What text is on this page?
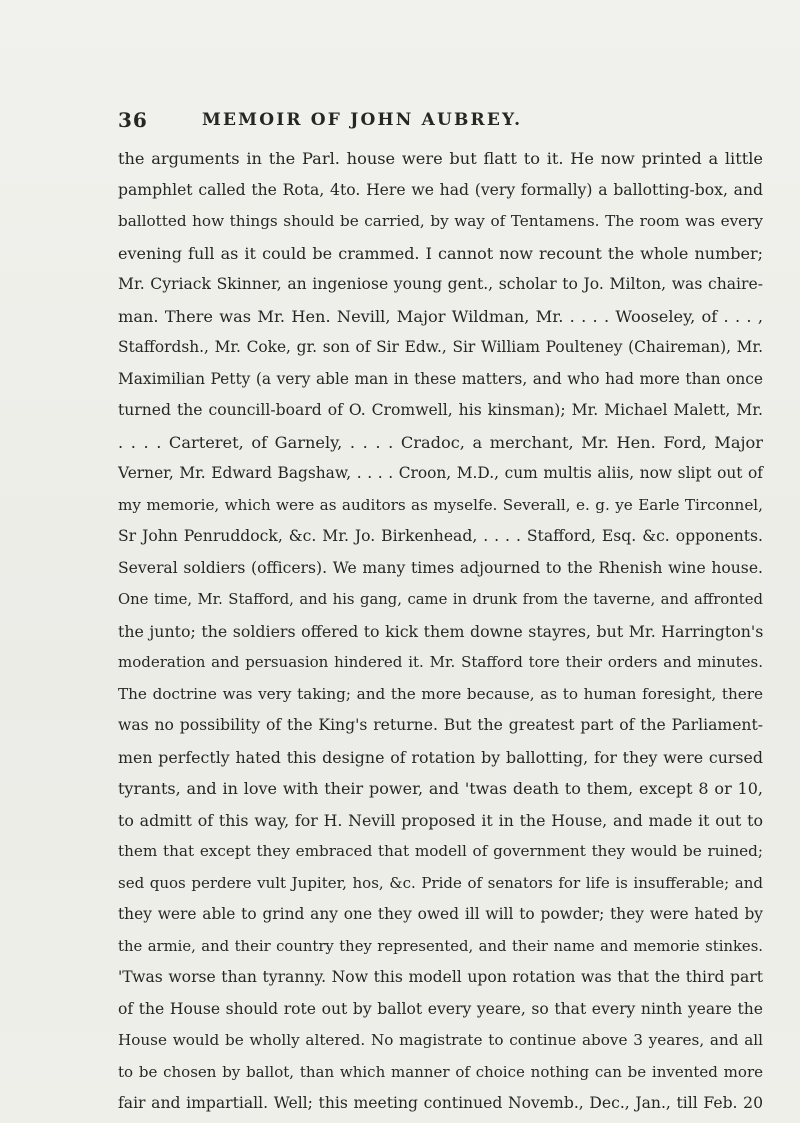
36	MEMOIR OF JOHN AUBREY.
the arguments in the Parl. house were but flatt to it. He now printed a little
pamphlet called the Rota, 4to. Here we had (very formally) a ballotting-box, and
ballotted how things should be carried, by way of Tentamens. The room was every
evening full as it could be crammed. I cannot now recount the whole number;
Mr. Cyriack Skinner, an ingeniose young gent., scholar to Jo. Milton, was chaire-
man. There was Mr. Hen. Nevill, Major Wildman, Mr. . . . . Wooseley, of . . . ,
Staffordsh., Mr. Coke, gr. son of Sir Edw., Sir William Poulteney (Chaireman), Mr.
Maximilian Petty (a very able man in these matters, and who had more than once
turned the councill-board of O. Cromwell, his kinsman); Mr. Michael Malett, Mr.
. . . . Carteret, of Garnely, . . . . Cradoc, a merchant, Mr. Hen. Ford, Major
Verner, Mr. Edward Bagshaw, . . . . Croon, M.D., cum multis aliis, now slipt out of
my memorie, which were as auditors as myselfe. Severall, e. g. ye Earle Tirconnel,
Sr John Penruddock, &c. Mr. Jo. Birkenhead, . . . . Stafford, Esq. &c. opponents.
Several soldiers (officers). We many times adjourned to the Rhenish wine house.
One time, Mr. Stafford, and his gang, came in drunk from the taverne, and affronted
the junto; the soldiers offered to kick them downe stayres, but Mr. Harrington's
moderation and persuasion hindered it. Mr. Stafford tore their orders and minutes.
The doctrine was very taking; and the more because, as to human foresight, there
was no possibility of the King's returne. But the greatest part of the Parliament-
men perfectly hated this designe of rotation by ballotting, for they were cursed
tyrants, and in love with their power, and 'twas death to them, except 8 or 10,
to admitt of this way, for H. Nevill proposed it in the House, and made it out to
them that except they embraced that modell of government they would be ruined;
sed quos perdere vult Jupiter, hos, &c. Pride of senators for life is insufferable; and
they were able to grind any one they owed ill will to powder; they were hated by
the armie, and their country they represented, and their name and memorie stinkes.
'Twas worse than tyranny. Now this modell upon rotation was that the third part
of the House should rote out by ballot every yeare, so that every ninth yeare the
House would be wholly altered. No magistrate to continue above 3 yeares, and all
to be chosen by ballot, than which manner of choice nothing can be invented more
fair and impartiall. Well; this meeting continued Novemb., Dec., Jan., till Feb. 20
